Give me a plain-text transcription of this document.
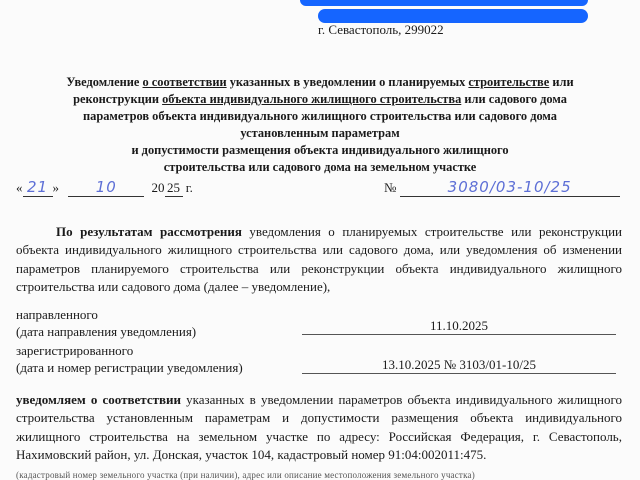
г. Севастополь, 299022
Уведомление о соответствии указанных в уведомлении о планируемых строительстве или
реконструкции объекта индивидуального жилищного строительства или садового дома
параметров объекта индивидуального жилищного строительства или садового дома
установленным параметрам
и допустимости размещения объекта индивидуального жилищного
строительства или садового дома на земельном участке
« 21 » 10	20 25 г.	№	3080/03-10/25
По результатам рассмотрения уведомления о планируемых строительстве или реконструкции объекта индивидуального жилищного строительства или садового дома, или уведомления об изменении параметров планируемого строительства или реконструкции объекта индивидуального жилищного строительства или садового дома (далее – уведомление),
направленного
(дата направления уведомления)	11.10.2025
зарегистрированного
(дата и номер регистрации уведомления)	13.10.2025 № 3103/01-10/25
уведомляем о соответствии указанных в уведомлении параметров объекта индивидуального жилищного строительства установленным параметрам и допустимости размещения объекта индивидуального жилищного строительства на земельном участке по адресу: Российская Федерация, г. Севастополь, Нахимовский район, ул. Донская, участок 104, кадастровый номер 91:04:002011:475.
(кадастровый номер земельного участка (при наличии), адрес или описание местоположения земельного участка)
